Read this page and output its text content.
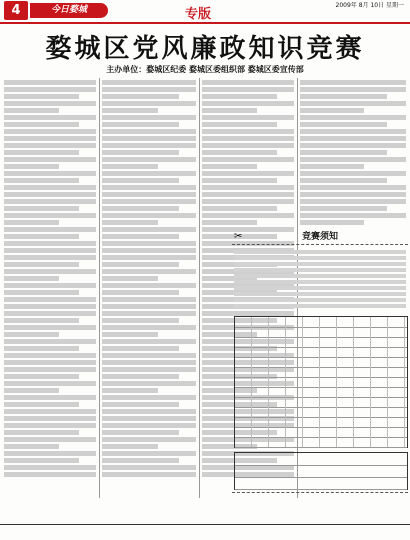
4	今日婺城	专版
2009年 8月 10日 星期一
婺城区党风廉政知识竞赛
主办单位：婺城区纪委 婺城区委组织部 婺城区委宣传部
✂	竞赛须知
